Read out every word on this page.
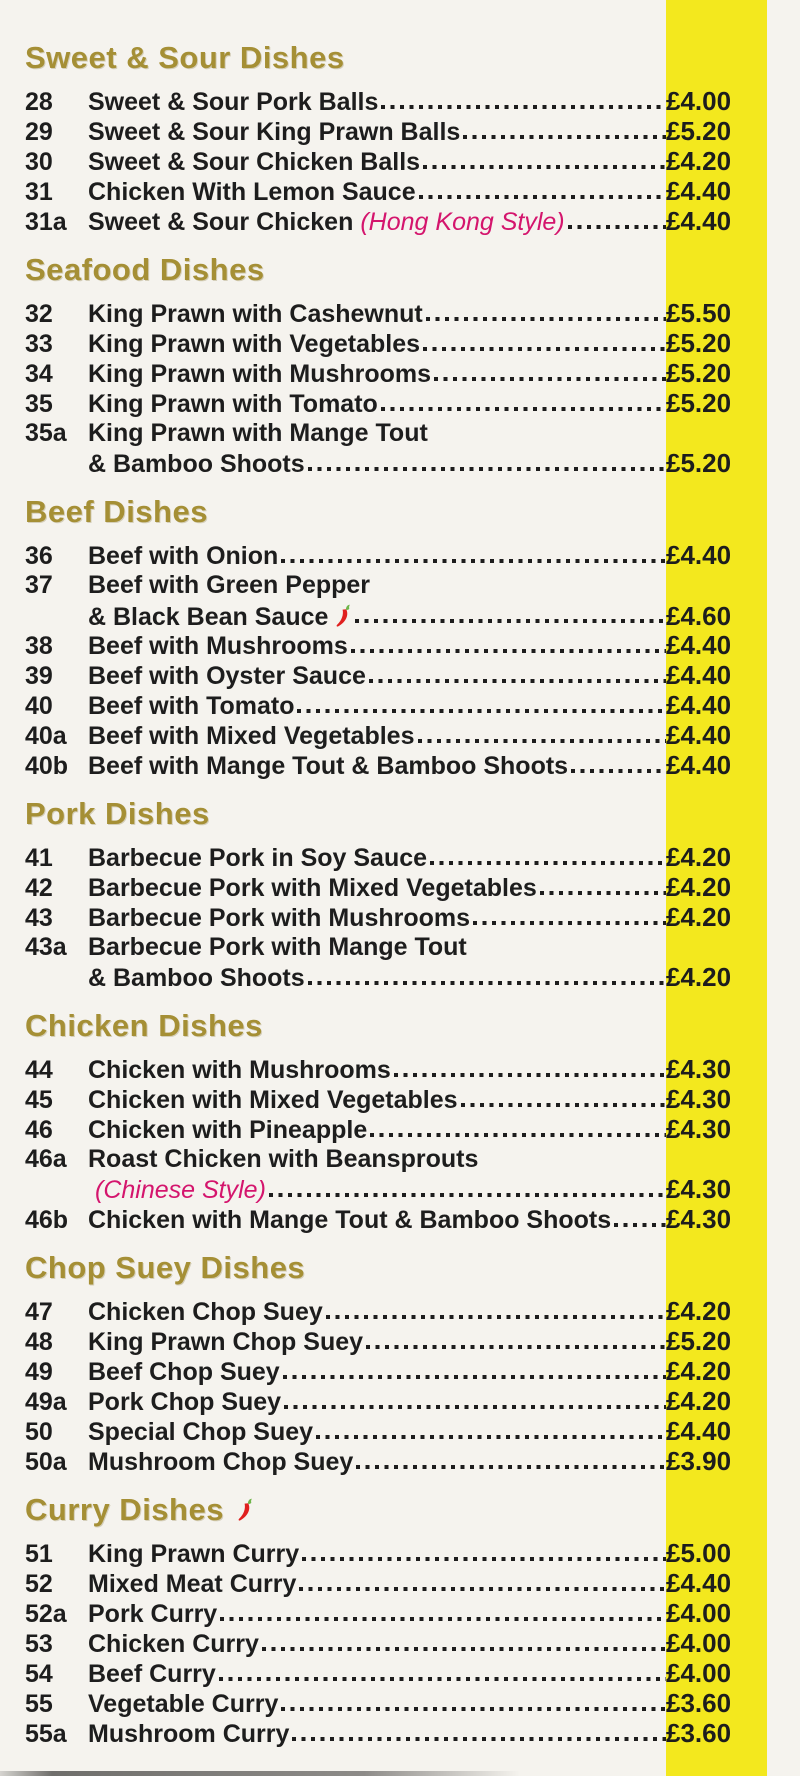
Sweet & Sour Dishes
28	Sweet & Sour Pork Balls	£4.00
29	Sweet & Sour King Prawn Balls	£5.20
30	Sweet & Sour Chicken Balls	£4.20
31	Chicken With Lemon Sauce	£4.40
31a Sweet & Sour Chicken (Hong Kong Style)	£4.40
Seafood Dishes
32	King Prawn with Cashewnut	£5.50
33	King Prawn with Vegetables	£5.20
34	King Prawn with Mushrooms	£5.20
35	King Prawn with Tomato	£5.20
35a King Prawn with Mange Tout
& Bamboo Shoots	£5.20
Beef Dishes
36	Beef with Onion	£4.40
37	Beef with Green Pepper
& Black Bean Sauce	£4.60
38	Beef with Mushrooms	£4.40
39	Beef with Oyster Sauce	£4.40
40	Beef with Tomato	£4.40
40a Beef with Mixed Vegetables	£4.40
40b Beef with Mange Tout & Bamboo Shoots	£4.40
Pork Dishes
41	Barbecue Pork in Soy Sauce	£4.20
42	Barbecue Pork with Mixed Vegetables	£4.20
43	Barbecue Pork with Mushrooms	£4.20
43a Barbecue Pork with Mange Tout
& Bamboo Shoots	£4.20
Chicken Dishes
44	Chicken with Mushrooms	£4.30
45	Chicken with Mixed Vegetables	£4.30
46	Chicken with Pineapple	£4.30
46a Roast Chicken with Beansprouts
(Chinese Style)	£4.30
46b Chicken with Mange Tout & Bamboo Shoots £4.30
Chop Suey Dishes
47	Chicken Chop Suey	£4.20
48	King Prawn Chop Suey	£5.20
49	Beef Chop Suey	£4.20
49a Pork Chop Suey	£4.20
50	Special Chop Suey	£4.40
50a Mushroom Chop Suey	£3.90
Curry Dishes
51	King Prawn Curry	£5.00
52	Mixed Meat Curry	£4.40
52a Pork Curry	£4.00
53	Chicken Curry	£4.00
54	Beef Curry	£4.00
55	Vegetable Curry	£3.60
55a Mushroom Curry	£3.60
